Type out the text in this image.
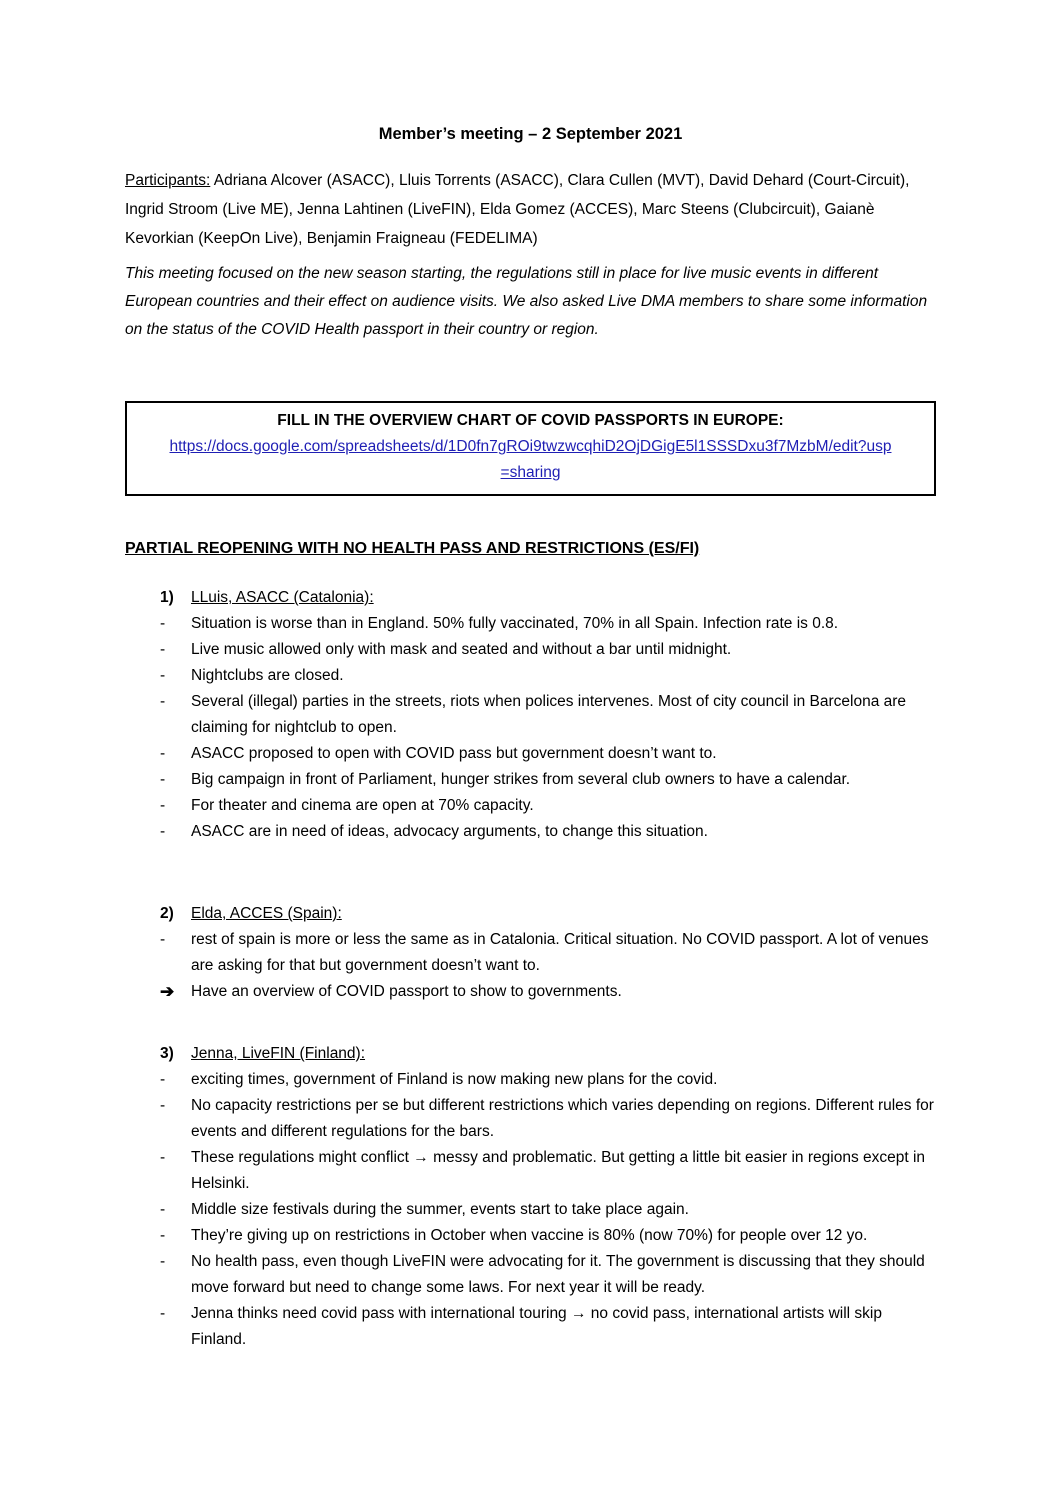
Member’s meeting – 2 September 2021

Participants: Adriana Alcover (ASACC), Lluis Torrents (ASACC), Clara Cullen (MVT), David Dehard (Court-Circuit), Ingrid Stroom (Live ME), Jenna Lahtinen (LiveFIN), Elda Gomez (ACCES), Marc Steens (Clubcircuit), Gaianè Kevorkian (KeepOn Live), Benjamin Fraigneau (FEDELIMA)

This meeting focused on the new season starting, the regulations still in place for live music events in different European countries and their effect on audience visits. We also asked Live DMA members to share some information on the status of the COVID Health passport in their country or region.

FILL IN THE OVERVIEW CHART OF COVID PASSPORTS IN EUROPE:
https://docs.google.com/spreadsheets/d/1D0fn7gROi9twzwcqhiD2OjDGigE5l1SSSDxu3f7MzbM/edit?usp=sharing
PARTIAL REOPENING WITH NO HEALTH PASS AND RESTRICTIONS (ES/FI)
1)	LLuis, ASACC (Catalonia):
-	Situation is worse than in England. 50% fully vaccinated, 70% in all Spain. Infection rate is 0.8.
-	Live music allowed only with mask and seated and without a bar until midnight.
-	Nightclubs are closed.
-	Several (illegal) parties in the streets, riots when polices intervenes. Most of city council in Barcelona are claiming for nightclub to open.
-	ASACC proposed to open with COVID pass but government doesn’t want to.
-	Big campaign in front of Parliament, hunger strikes from several club owners to have a calendar.
-	For theater and cinema are open at 70% capacity.
-	ASACC are in need of ideas, advocacy arguments, to change this situation.
2)	Elda, ACCES (Spain):
-	rest of spain is more or less the same as in Catalonia. Critical situation. No COVID passport. A lot of venues are asking for that but government doesn’t want to.
➔	Have an overview of COVID passport to show to governments.
3)	Jenna, LiveFIN (Finland):
-	exciting times, government of Finland is now making new plans for the covid.
-	No capacity restrictions per se but different restrictions which varies depending on regions. Different rules for events and different regulations for the bars.
-	These regulations might conflict → messy and problematic. But getting a little bit easier in regions except in Helsinki.
-	Middle size festivals during the summer, events start to take place again.
-	They’re giving up on restrictions in October when vaccine is 80% (now 70%) for people over 12 yo.
-	No health pass, even though LiveFIN were advocating for it. The government is discussing that they should move forward but need to change some laws. For next year it will be ready.
-	Jenna thinks need covid pass with international touring → no covid pass, international artists will skip Finland.
